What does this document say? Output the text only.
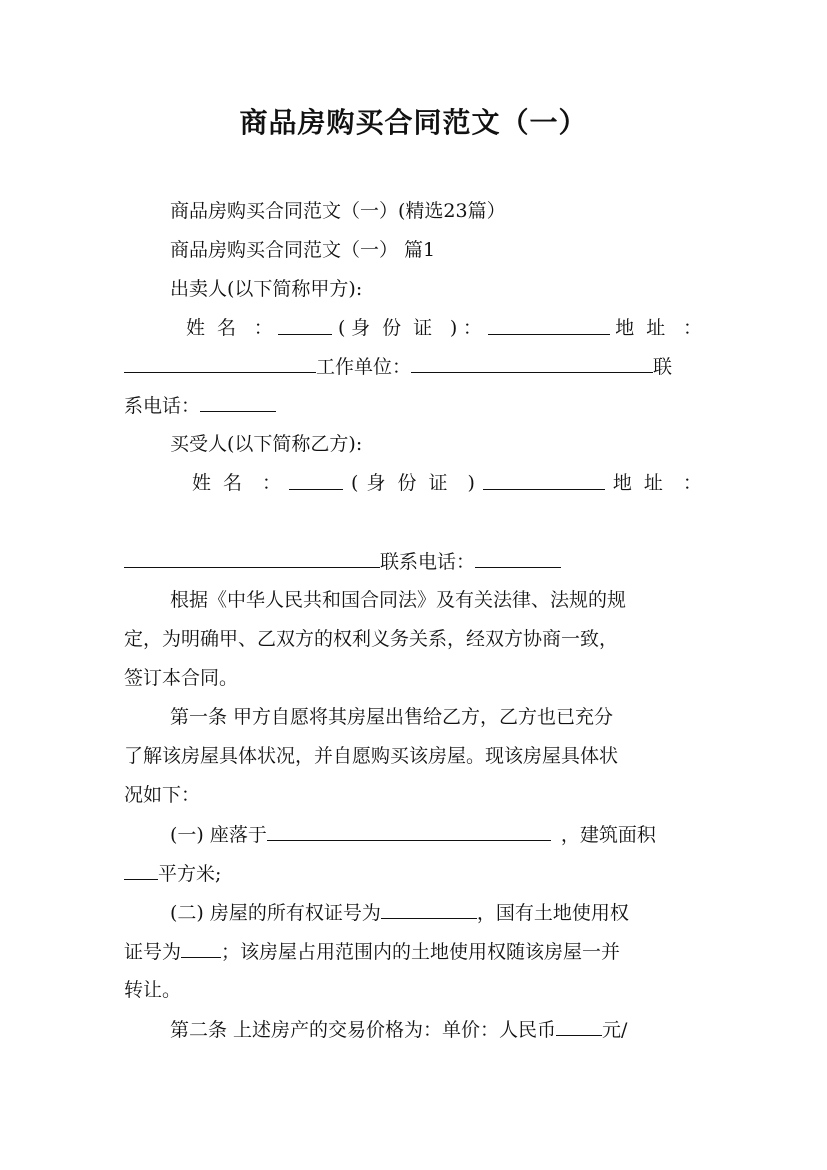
商品房购买合同范文（一）
商品房购买合同范文（一）(精选23篇）
商品房购买合同范文（一） 篇1
出卖人(以下简称甲方):
姓名 ：	( 身份证 ) ：	地址 ：
工作单位：	联
系电话：
买受人(以下简称乙方):
姓名 ：	( 身份证 )	地址 ：
联系电话：
根据《中华人民共和国合同法》及有关法律、法规的规
定，为明确甲、乙双方的权利义务关系，经双方协商一致，
签订本合同。
第一条 甲方自愿将其房屋出售给乙方，乙方也已充分
了解该房屋具体状况，并自愿购买该房屋。现该房屋具体状
况如下：
(一) 座落于	，建筑面积
平方米;
(二) 房屋的所有权证号为	，国有土地使用权
证号为 ；该房屋占用范围内的土地使用权随该房屋一并
转让。
第二条 上述房产的交易价格为：单价：人民币 元/
